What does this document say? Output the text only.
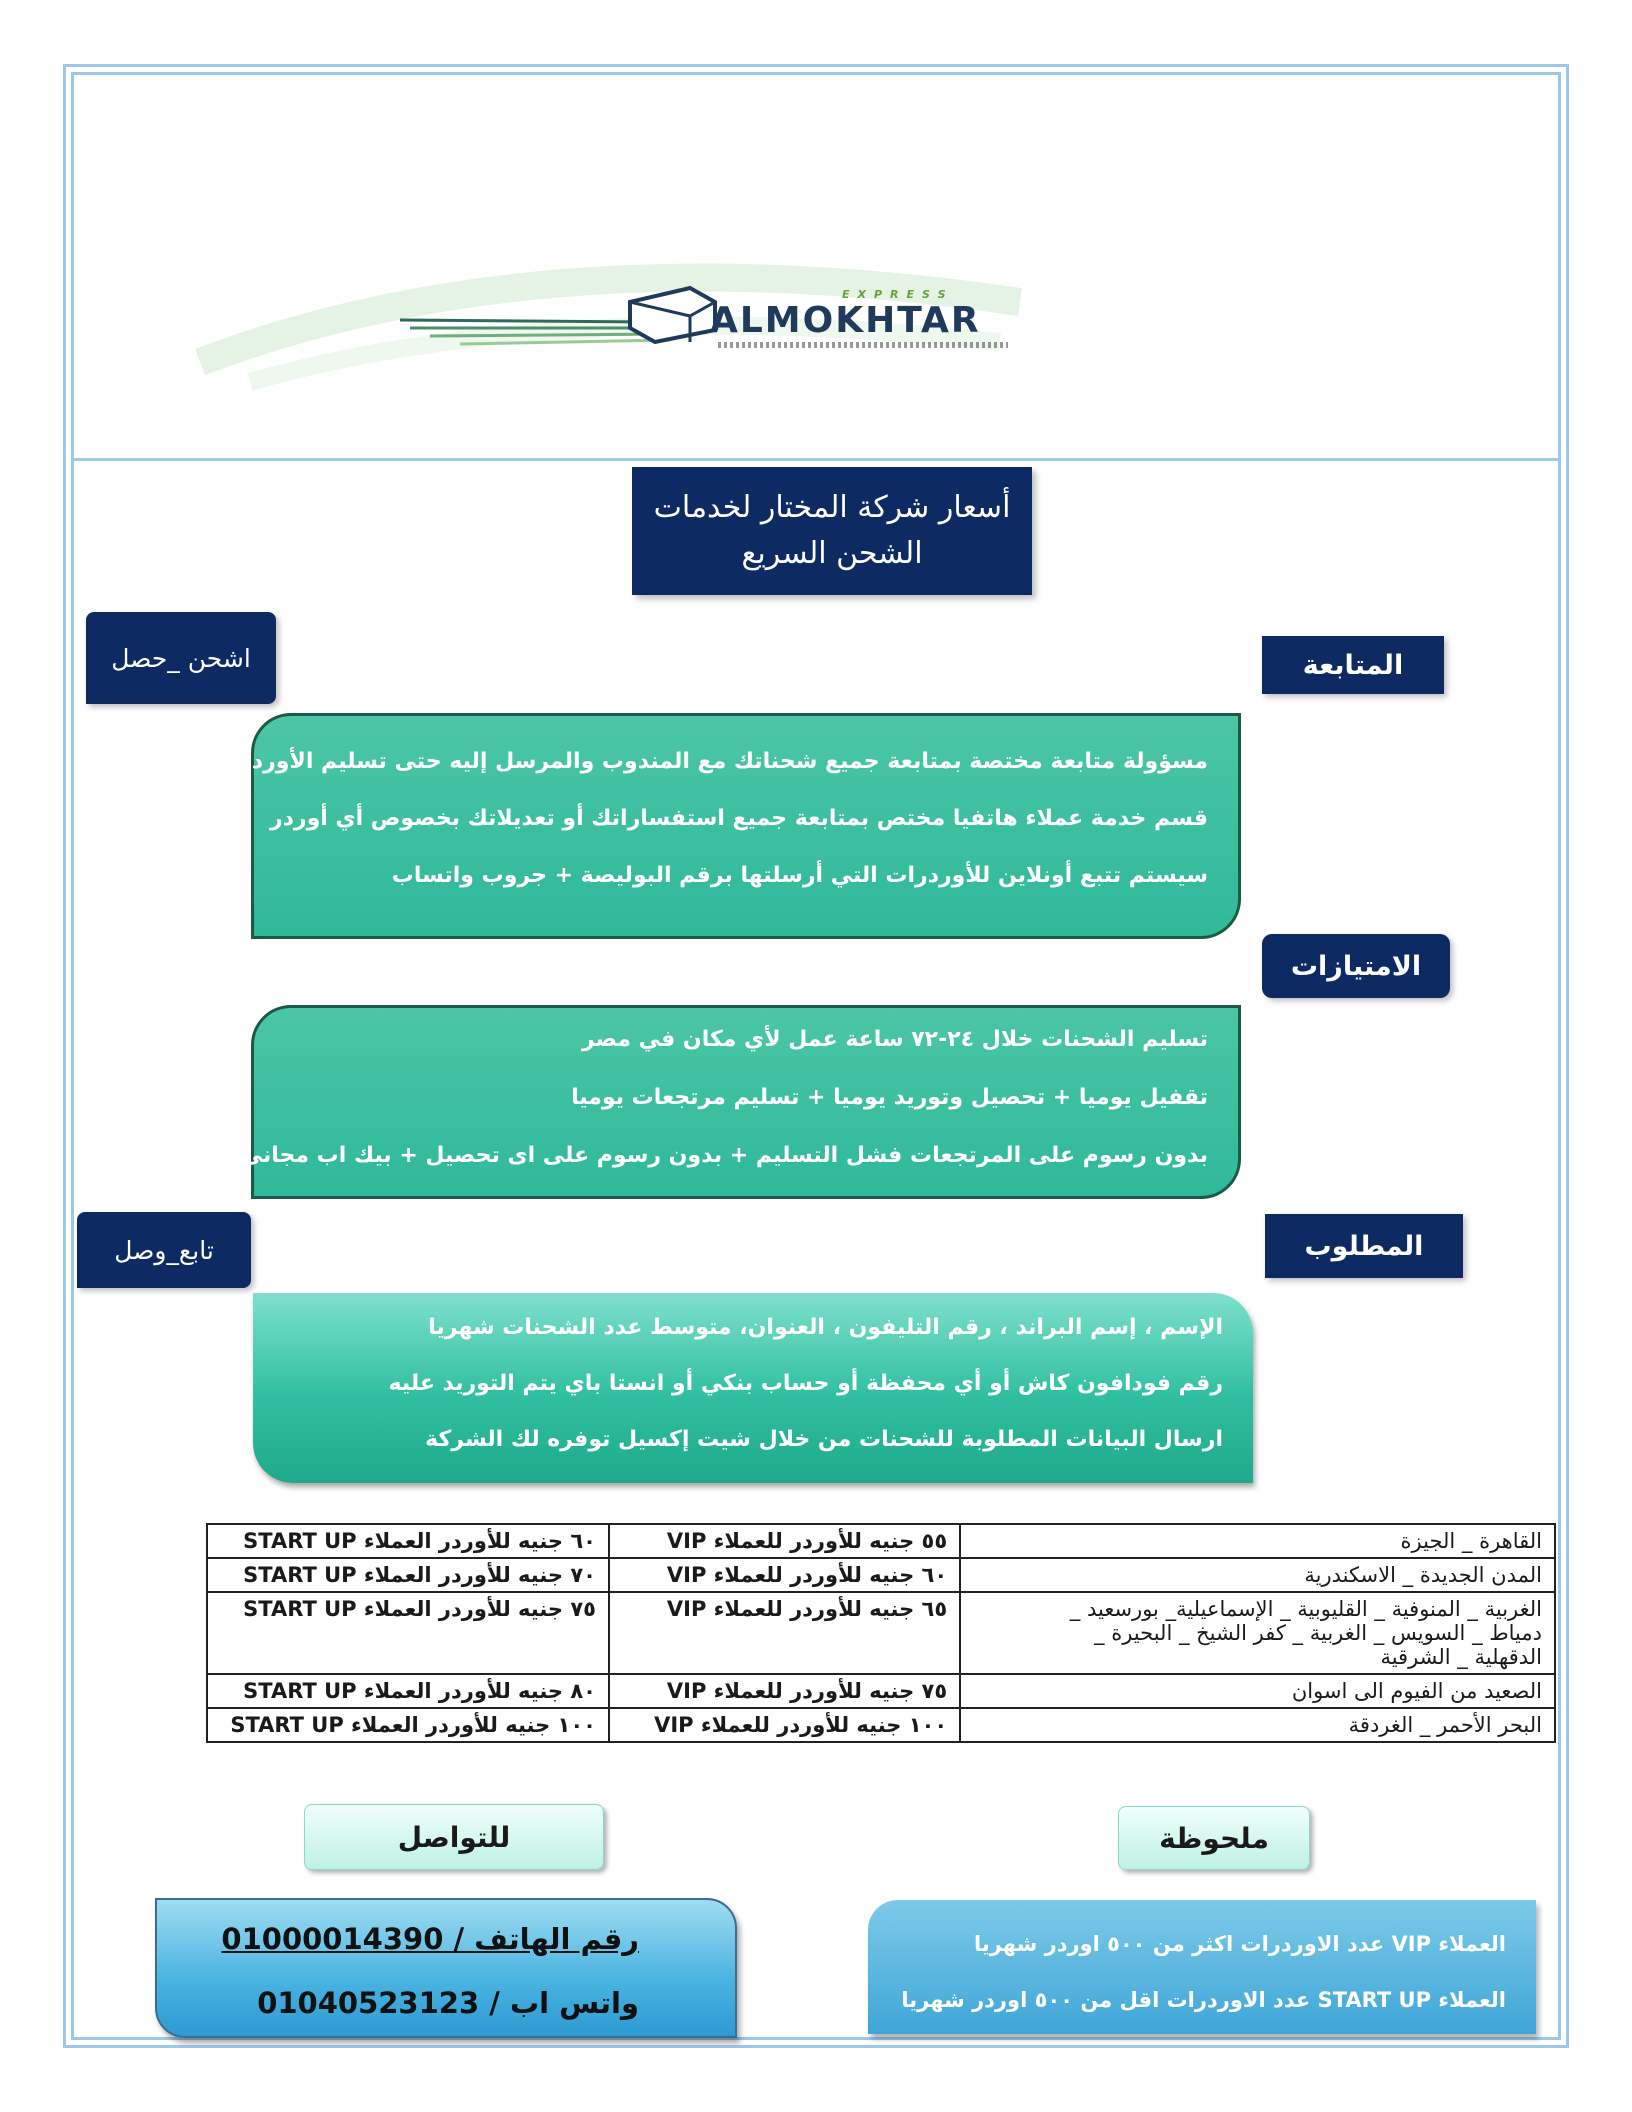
EXPRESS
ALMOKHTAR
أسعار شركة المختار لخدمات
الشحن السريع
اشحن _حصل
تابع_وصل
المتابعة
الامتيازات
المطلوب
مسؤولة متابعة مختصة بمتابعة جميع شحناتك مع المندوب والمرسل إليه حتى تسليم الأوردر
قسم خدمة عملاء هاتفيا مختص بمتابعة جميع استفساراتك أو تعديلاتك بخصوص أي أوردر
سيستم تتبع أونلاين للأوردرات التي أرسلتها برقم البوليصة + جروب واتساب
تسليم الشحنات خلال ٢٤-٧٢ ساعة عمل لأي مكان في مصر
تقفيل يوميا + تحصيل وتوريد يوميا + تسليم مرتجعات يوميا
بدون رسوم على المرتجعات فشل التسليم + بدون رسوم على اى تحصيل + بيك اب مجانى يوميا
الإسم ، إسم البراند ، رقم التليفون ، العنوان، متوسط عدد الشحنات شهريا
رقم فودافون كاش أو أي محفظة أو حساب بنكي أو انستا باي يتم التوريد عليه
ارسال البيانات المطلوبة للشحنات من خلال شيت إكسيل توفره لك الشركة
القاهرة _ الجيزة	٥٥ جنيه للأوردر للعملاء VIP	٦٠ جنيه للأوردر العملاء START UP

المدن الجديدة _ الاسكندرية	٦٠ جنيه للأوردر للعملاء VIP	٧٠ جنيه للأوردر العملاء START UP

الغربية _ المنوفية _ القليوبية _ الإسماعيلية_ بورسعيد _
دمياط _ السويس _ الغربية _ كفر الشيخ _ البحيرة _
الدقهلية _ الشرقية	٦٥ جنيه للأوردر للعملاء VIP	٧٥ جنيه للأوردر العملاء START UP

الصعيد من الفيوم الى اسوان	٧٥ جنيه للأوردر للعملاء VIP	٨٠ جنيه للأوردر العملاء START UP

البحر الأحمر _ الغردقة	١٠٠ جنيه للأوردر للعملاء VIP	١٠٠ جنيه للأوردر العملاء START UP
للتواصل	ملحوظة
رقم الهاتف / 01000014390
واتس اب / 01040523123
العملاء VIP عدد الاوردرات اكثر من ٥٠٠ اوردر شهريا
العملاء START UP عدد الاوردرات اقل من ٥٠٠ اوردر شهريا
